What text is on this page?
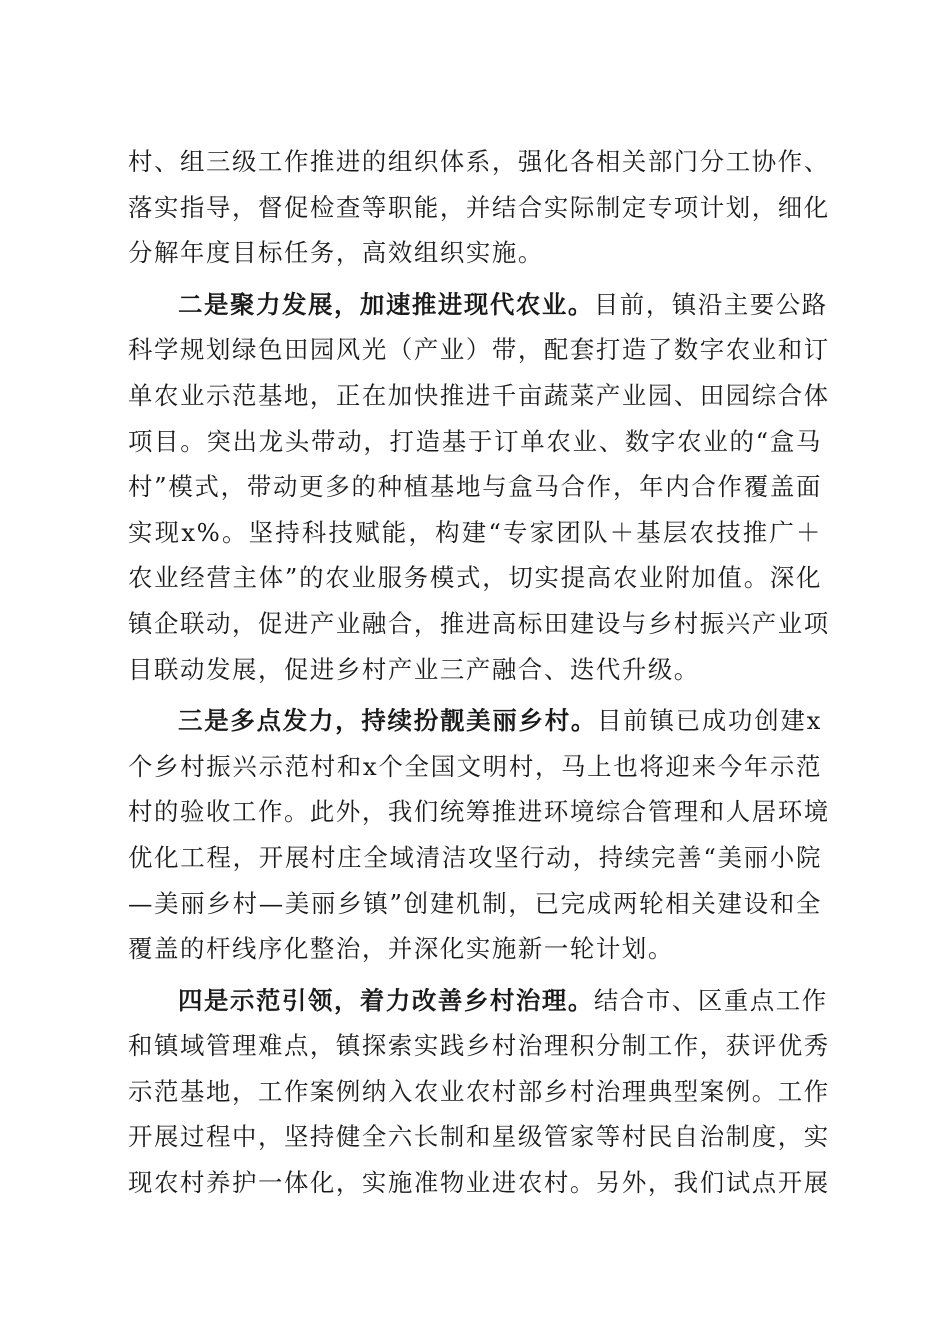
村、组三级工作推进的组织体系，强化各相关部门分工协作、
落实指导，督促检查等职能，并结合实际制定专项计划，细化
分解年度目标任务，高效组织实施。
二是聚力发展，加速推进现代农业。目前，镇沿主要公路
科学规划绿色田园风光（产业）带，配套打造了数字农业和订
单农业示范基地，正在加快推进千亩蔬菜产业园、田园综合体
项目。突出龙头带动，打造基于订单农业、数字农业的“盒马
村”模式，带动更多的种植基地与盒马合作，年内合作覆盖面
实现x%。坚持科技赋能，构建“专家团队＋基层农技推广＋
农业经营主体”的农业服务模式，切实提高农业附加值。深化
镇企联动，促进产业融合，推进高标田建设与乡村振兴产业项
目联动发展，促进乡村产业三产融合、迭代升级。
三是多点发力，持续扮靓美丽乡村。目前镇已成功创建x
个乡村振兴示范村和x个全国文明村，马上也将迎来今年示范
村的验收工作。此外，我们统筹推进环境综合管理和人居环境
优化工程，开展村庄全域清洁攻坚行动，持续完善“美丽小院
—美丽乡村—美丽乡镇”创建机制，已完成两轮相关建设和全
覆盖的杆线序化整治，并深化实施新一轮计划。
四是示范引领，着力改善乡村治理。结合市、区重点工作
和镇域管理难点，镇探索实践乡村治理积分制工作，获评优秀
示范基地，工作案例纳入农业农村部乡村治理典型案例。工作
开展过程中，坚持健全六长制和星级管家等村民自治制度，实
现农村养护一体化，实施准物业进农村。另外，我们试点开展
